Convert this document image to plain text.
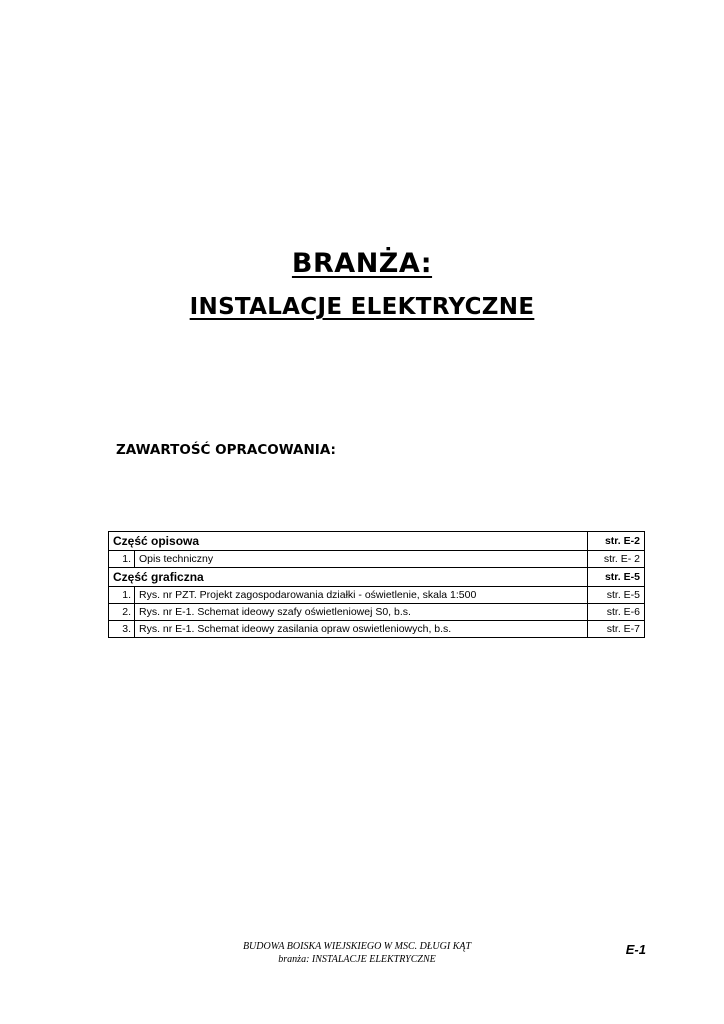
BRANŻA:
INSTALACJE ELEKTRYCZNE
ZAWARTOŚĆ OPRACOWANIA:
Część opisowa		str. E-2
1.	Opis techniczny	str. E- 2
Część graficzna		str. E-5
1.	Rys. nr PZT. Projekt zagospodarowania działki - oświetlenie, skala 1:500	str. E-5
2.	Rys. nr E-1. Schemat ideowy szafy oświetleniowej S0, b.s.	str. E-6
3.	Rys. nr E-1. Schemat ideowy zasilania opraw oswietleniowych, b.s.	str. E-7
BUDOWA BOISKA WIEJSKIEGO W MSC. DŁUGI KĄT
branża: INSTALACJE ELEKTRYCZNE
E-1
